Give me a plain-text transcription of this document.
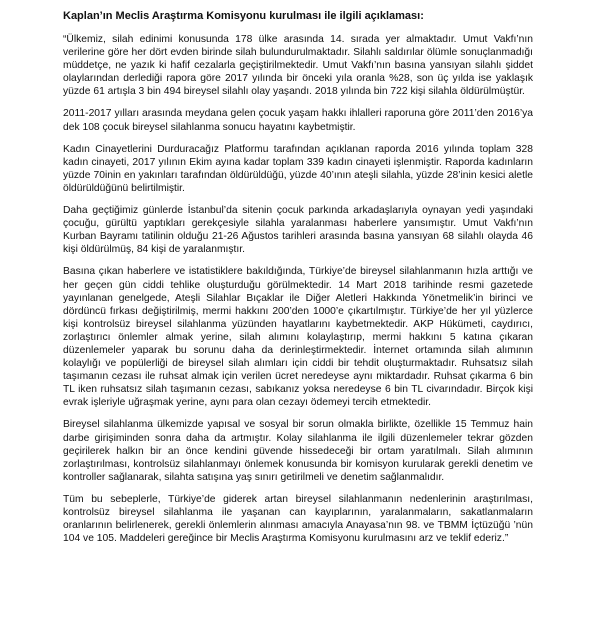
Kaplan’ın Meclis Araştırma Komisyonu kurulması ile ilgili açıklaması:

“Ülkemiz, silah edinimi konusunda 178 ülke arasında 14. sırada yer almaktadır. Umut Vakfı’nın verilerine göre her dört evden birinde silah bulundurulmaktadır. Silahlı saldırılar ölümle sonuçlanmadığı müddetçe, ne yazık ki hafif cezalarla geçiştirilmektedir. Umut Vakfı’nın basına yansıyan silahlı şiddet olaylarından derlediği rapora göre 2017 yılında bir önceki yıla oranla %28, son üç yılda ise yaklaşık yüzde 61 artışla 3 bin 494 bireysel silahlı olay yaşandı. 2018 yılında bin 722 kişi silahla öldürülmüştür.

2011-2017 yılları arasında meydana gelen çocuk yaşam hakkı ihlalleri raporuna göre 2011’den 2016’ya dek 108 çocuk bireysel silahlanma sonucu hayatını kaybetmiştir.

Kadın Cinayetlerini Durduracağız Platformu tarafından açıklanan raporda 2016 yılında toplam 328 kadın cinayeti, 2017 yılının Ekim ayına kadar toplam 339 kadın cinayeti işlenmiştir. Raporda kadınların yüzde 70inin en yakınları tarafından öldürüldüğü, yüzde 40’ının ateşli silahla, yüzde 28’inin kesici aletle öldürüldüğünü belirtilmiştir.

Daha geçtiğimiz günlerde İstanbul’da sitenin çocuk parkında arkadaşlarıyla oynayan yedi yaşındaki çocuğu, gürültü yaptıkları gerekçesiyle silahla yaralanması haberlere yansımıştır. Umut Vakfı’nın Kurban Bayramı tatilinin olduğu 21-26 Ağustos tarihleri arasında basına yansıyan 68 silahlı olayda 46 kişi öldürülmüş, 84 kişi de yaralanmıştır.

Basına çıkan haberlere ve istatistiklere bakıldığında, Türkiye’de bireysel silahlanmanın hızla arttığı ve her geçen gün ciddi tehlike oluşturduğu görülmektedir. 14 Mart 2018 tarihinde resmi gazetede yayınlanan genelgede, Ateşli Silahlar Bıçaklar ile Diğer Aletleri Hakkında Yönetmelik’in birinci ve dördüncü fırkası değiştirilmiş, mermi hakkını 200’den 1000’e çıkartılmıştır. Türkiye’de her yıl yüzlerce kişi kontrolsüz bireysel silahlanma yüzünden hayatlarını kaybetmektedir. AKP Hükümeti, caydırıcı, zorlaştırıcı önlemler almak yerine, silah alımını kolaylaştırıp, mermi hakkını 5 katına çıkaran düzenlemeler yaparak bu sorunu daha da derinleştirmektedir. İnternet ortamında silah alımının kolaylığı ve popülerliği de bireysel silah alımları için ciddi bir tehdit oluşturmaktadır. Ruhsatsız silah taşımanın cezası ile ruhsat almak için verilen ücret neredeyse aynı miktardadır. Ruhsat çıkarma 6 bin TL iken ruhsatsız silah taşımanın cezası, sabıkanız yoksa neredeyse 6 bin TL civarındadır. Birçok kişi evrak işleriyle uğraşmak yerine, aynı para olan cezayı ödemeyi tercih etmektedir.

Bireysel silahlanma ülkemizde yapısal ve sosyal bir sorun olmakla birlikte, özellikle 15 Temmuz hain darbe girişiminden sonra daha da artmıştır. Kolay silahlanma ile ilgili düzenlemeler tekrar gözden geçirilerek halkın bir an önce kendini güvende hissedeceği bir ortam yaratılmalı. Silah alımının zorlaştırılması, kontrolsüz silahlanmayı önlemek konusunda bir komisyon kurularak gerekli denetim ve kontroller sağlanarak, silahta satışına yaş sınırı getirilmeli ve denetim sağlanmalıdır.

Tüm bu sebeplerle, Türkiye’de giderek artan bireysel silahlanmanın nedenlerinin araştırılması, kontrolsüz bireysel silahlanma ile yaşanan can kayıplarının, yaralanmaların, sakatlanmaların oranlarının belirlenerek, gerekli önlemlerin alınması amacıyla Anayasa’nın 98. ve TBMM İçtüzüğü ’nün 104 ve 105. Maddeleri gereğince bir Meclis Araştırma Komisyonu kurulmasını arz ve teklif ederiz.”
